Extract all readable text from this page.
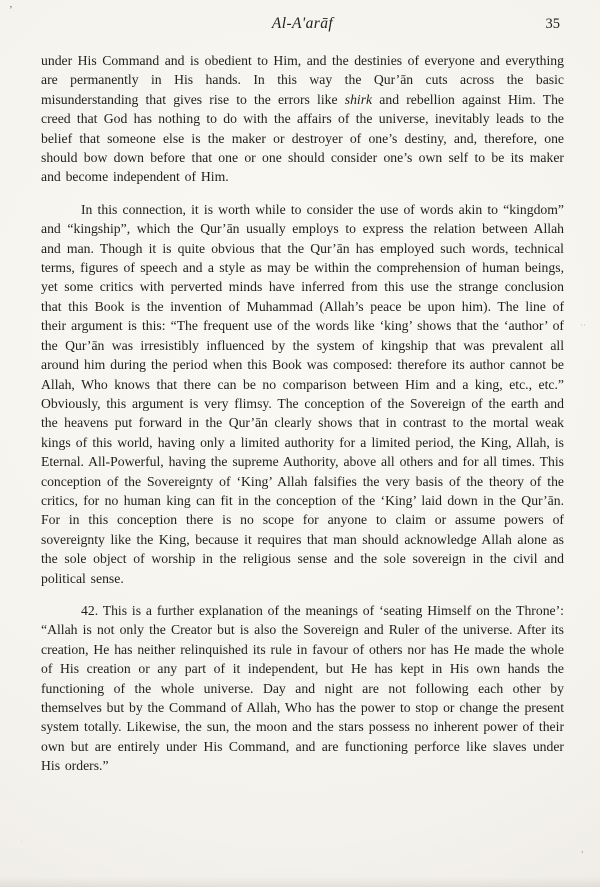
’
··
’
·
Al-A'arāf	35

under His Command and is obedient to Him, and the destinies of everyone and everything are permanently in His hands. In this way the Qur’ān cuts across the basic misunderstanding that gives rise to the errors like shirk and rebellion against Him. The creed that God has nothing to do with the affairs of the universe, inevitably leads to the belief that someone else is the maker or destroyer of one’s destiny, and, therefore, one should bow down before that one or one should consider one’s own self to be its maker and become independent of Him.

In this connection, it is worth while to consider the use of words akin to “kingdom” and “kingship”, which the Qur’ān usually employs to express the relation between Allah and man. Though it is quite obvious that the Qur’ān has employed such words, technical terms, figures of speech and a style as may be within the comprehension of human beings, yet some critics with perverted minds have inferred from this use the strange conclusion that this Book is the invention of Muhammad (Allah’s peace be upon him). The line of their argument is this: “The frequent use of the words like ‘king’ shows that the ‘author’ of the Qur’ān was irresistibly influenced by the system of kingship that was prevalent all around him during the period when this Book was composed: therefore its author cannot be Allah, Who knows that there can be no comparison between Him and a king, etc., etc.” Obviously, this argument is very flimsy. The conception of the Sovereign of the earth and the heavens put forward in the Qur’ān clearly shows that in contrast to the mortal weak kings of this world, having only a limited authority for a limited period, the King, Allah, is Eternal. All-Powerful, having the supreme Authority, above all others and for all times. This conception of the Sovereignty of ‘King’ Allah falsifies the very basis of the theory of the critics, for no human king can fit in the conception of the ‘King’ laid down in the Qur’ān. For in this conception there is no scope for anyone to claim or assume powers of sovereignty like the King, because it requires that man should acknowledge Allah alone as the sole object of worship in the religious sense and the sole sovereign in the civil and political sense.

42. This is a further explanation of the meanings of ‘seating Himself on the Throne’: “Allah is not only the Creator but is also the Sovereign and Ruler of the universe. After its creation, He has neither relinquished its rule in favour of others nor has He made the whole of His creation or any part of it independent, but He has kept in His own hands the functioning of the whole universe. Day and night are not following each other by themselves but by the Command of Allah, Who has the power to stop or change the present system totally. Likewise, the sun, the moon and the stars possess no inherent power of their own but are entirely under His Command, and are functioning perforce like slaves under His orders.”
